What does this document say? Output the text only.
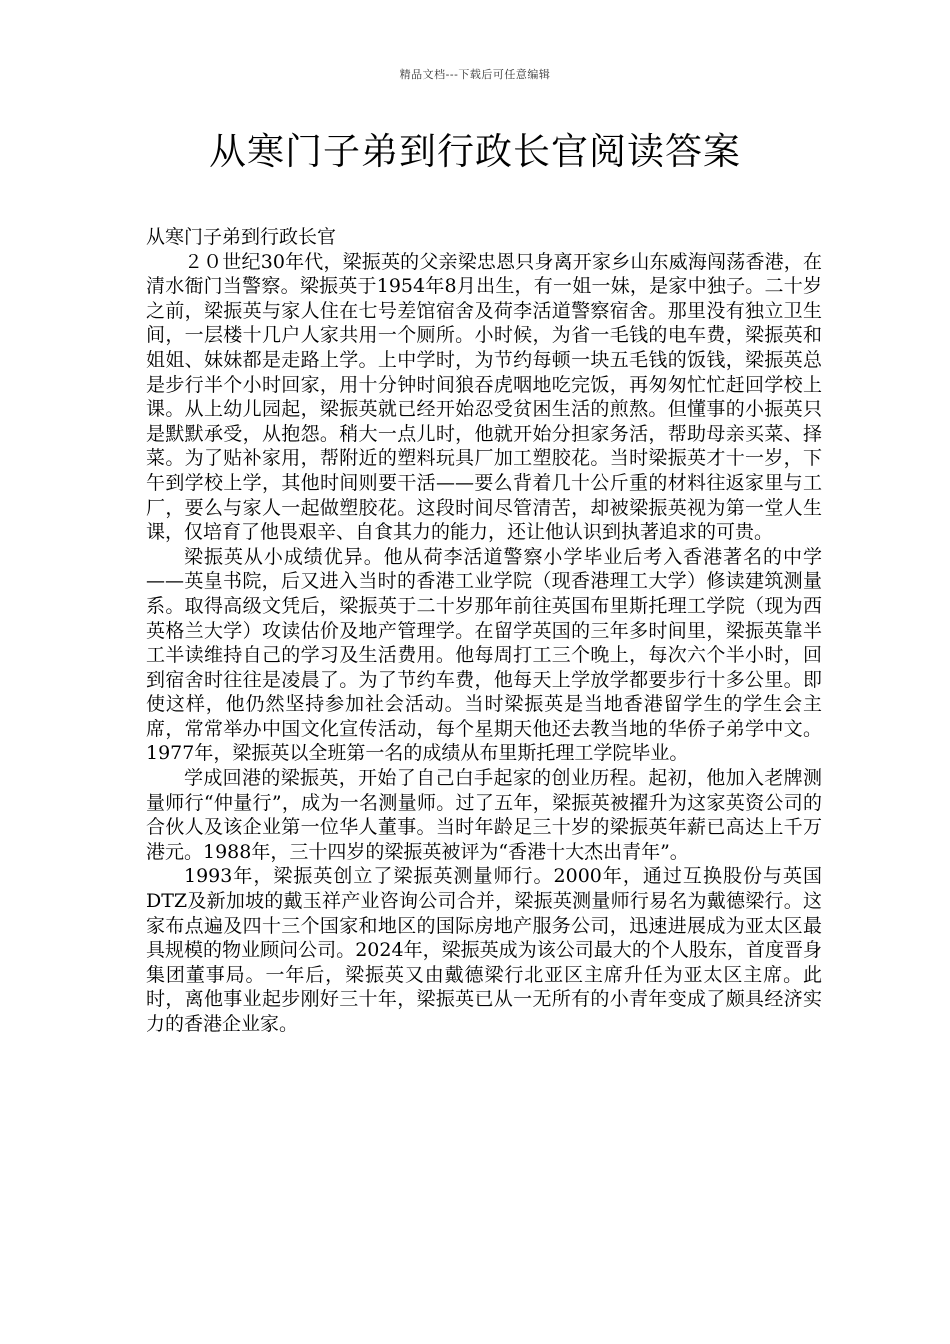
精品文档---下载后可任意编辑
从寒门子弟到行政长官阅读答案

从寒门子弟到行政长官

２０世纪30年代，梁振英的父亲梁忠恩只身离开家乡山东威海闯荡香港，在清水衙门当警察。梁振英于1954年8月出生，有一姐一妹，是家中独子。二十岁之前，梁振英与家人住在七号差馆宿舍及荷李活道警察宿舍。那里没有独立卫生间，一层楼十几户人家共用一个厕所。小时候，为省一毛钱的电车费，梁振英和姐姐、妹妹都是走路上学。上中学时，为节约每顿一块五毛钱的饭钱，梁振英总是步行半个小时回家，用十分钟时间狼吞虎咽地吃完饭，再匆匆忙忙赶回学校上课。从上幼儿园起，梁振英就已经开始忍受贫困生活的煎熬。但懂事的小振英只是默默承受，从抱怨。稍大一点儿时，他就开始分担家务活，帮助母亲买菜、择菜。为了贴补家用，帮附近的塑料玩具厂加工塑胶花。当时梁振英才十一岁，下午到学校上学，其他时间则要干活——要么背着几十公斤重的材料往返家里与工厂，要么与家人一起做塑胶花。这段时间尽管清苦，却被梁振英视为第一堂人生课，仅培育了他畏艰辛、自食其力的能力，还让他认识到执著追求的可贵。

梁振英从小成绩优异。他从荷李活道警察小学毕业后考入香港著名的中学——英皇书院，后又进入当时的香港工业学院（现香港理工大学）修读建筑测量系。取得高级文凭后，梁振英于二十岁那年前往英国布里斯托理工学院（现为西英格兰大学）攻读估价及地产管理学。在留学英国的三年多时间里，梁振英靠半工半读维持自己的学习及生活费用。他每周打工三个晚上，每次六个半小时，回到宿舍时往往是凌晨了。为了节约车费，他每天上学放学都要步行十多公里。即使这样，他仍然坚持参加社会活动。当时梁振英是当地香港留学生的学生会主席，常常举办中国文化宣传活动，每个星期天他还去教当地的华侨子弟学中文。1977年，梁振英以全班第一名的成绩从布里斯托理工学院毕业。

学成回港的梁振英，开始了自己白手起家的创业历程。起初，他加入老牌测量师行“仲量行”，成为一名测量师。过了五年，梁振英被擢升为这家英资公司的合伙人及该企业第一位华人董事。当时年龄足三十岁的梁振英年薪已高达上千万港元。1988年，三十四岁的梁振英被评为“香港十大杰出青年”。

1993年，梁振英创立了梁振英测量师行。2000年，通过互换股份与英国DTZ及新加坡的戴玉祥产业咨询公司合并，梁振英测量师行易名为戴德梁行。这家布点遍及四十三个国家和地区的国际房地产服务公司，迅速进展成为亚太区最具规模的物业顾问公司。2024年，梁振英成为该公司最大的个人股东，首度晋身集团董事局。一年后，梁振英又由戴德梁行北亚区主席升任为亚太区主席。此时，离他事业起步刚好三十年，梁振英已从一无所有的小青年变成了颇具经济实力的香港企业家。
